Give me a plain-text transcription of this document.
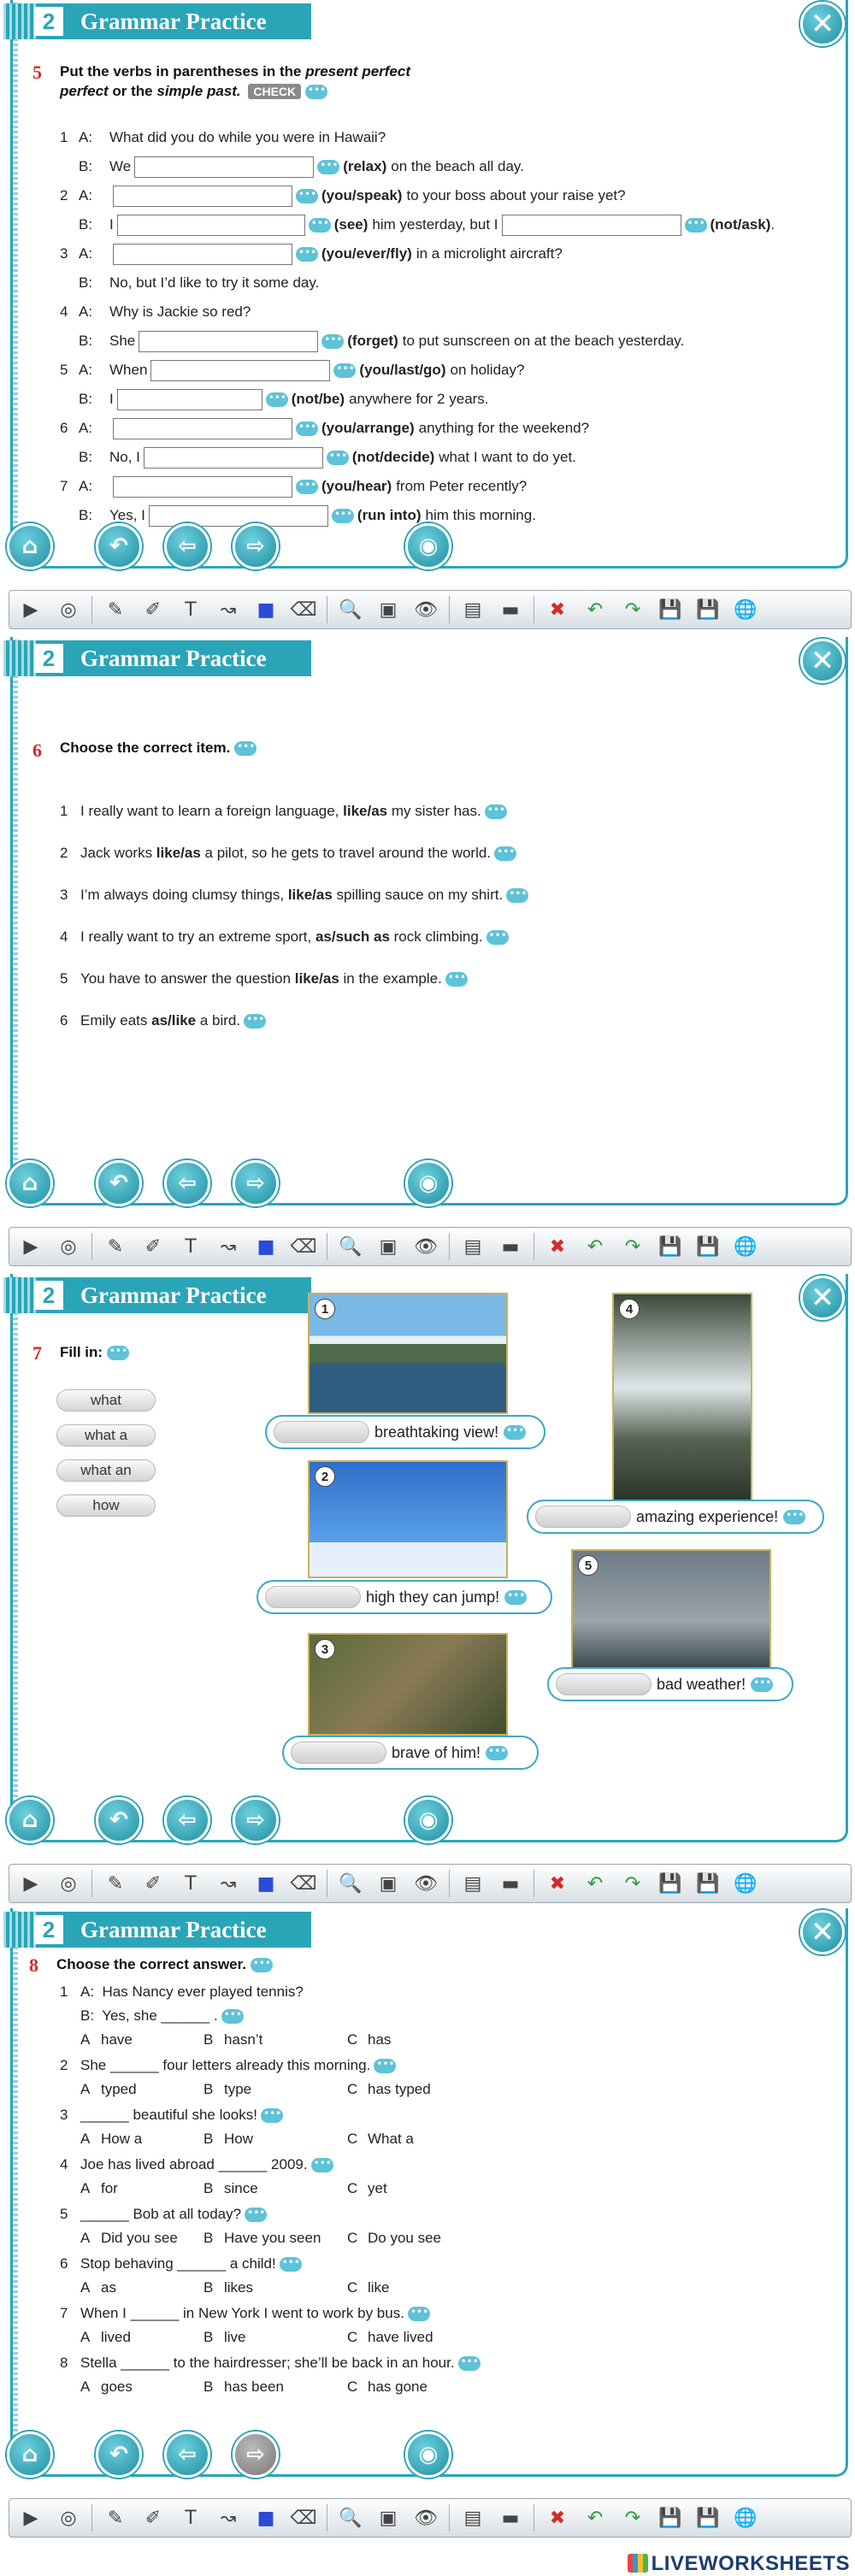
2	Grammar Practice	✕
5 Put the verbs in parentheses in the present perfect
perfect or the simple past. CHECK •••
1 A:	What did you do while you were in Hawaii?
B:	We •••	(relax) on the beach all day.
2 A: •••	(you/speak) to your boss about your raise yet?
B:	I •••	(see) him yesterday, but I •••	(not/ask) .
3 A: •••	(you/ever/fly) in a microlight aircraft?
B:	No, but I’d like to try it some day.
4 A:	Why is Jackie so red?
B:	She •••	(forget) to put sunscreen on at the beach yesterday.
5 A:	When •••	(you/last/go) on holiday?
B:	I •••	(not/be) anywhere for 2 years.
6 A: •••	(you/arrange) anything for the weekend?
B:	No, I •••	(not/decide) what I want to do yet.
7 A: •••	(you/hear) from Peter recently?
B:	Yes, I •••	(run into) him this morning.
⌂	↶	⇦	⇨	◉
▶	◎	✎	✐	T	↝	■ ⌫ 🔍 ▣ 👁 ▤	▬	✖	↶	↷ 💾 💾 🌐
2	Grammar Practice	✕
6 Choose the correct item. •••
1 I really want to learn a foreign language, like/as my sister has.
•••
2 Jack works like/as a pilot, so he gets to travel around the world.
•••
3 I’m always doing clumsy things, like/as spilling sauce on my shirt.
•••
4 I really want to try an extreme sport, as/such as rock climbing.
•••
5 You have to answer the question like/as in the example.
•••
6 Emily eats as/like a bird.
•••
⌂	↶	⇦	⇨	◉
▶	◎	✎	✐	T	↝	■ ⌫ 🔍 ▣ 👁 ▤	▬	✖	↶	↷ 💾 💾 🌐
2	Grammar Practice	✕
7 Fill in: •••
what
what a
what an
how
1
breathtaking view!
•••
2
high they can jump!
•••
3
brave of him!
•••
4
amazing experience!
•••
5
bad weather!
•••
⌂	↶	⇦	⇨	◉
▶	◎	✎	✐	T	↝	■ ⌫ 🔍 ▣ 👁 ▤	▬	✖	↶	↷ 💾 💾 🌐
2	Grammar Practice	✕
8 Choose the correct answer. •••
1 A:  Has Nancy ever played tennis?
B:  Yes, she ______ .
•••
A have	B hasn’t	C has
2 She ______ four letters already this morning.
•••
A typed	B type	C has typed
3 ______ beautiful she looks!
•••
A How a	B How	C What a
4 Joe has lived abroad ______ 2009.
•••
A for	B since	C yet
5 ______ Bob at all today?
•••
A Did you see B Have you seen C Do you see
6 Stop behaving ______ a child!
•••
A as	B likes	C like
7 When I ______ in New York I went to work by bus.
•••
A lived	B live	C have lived
8 Stella ______ to the hairdresser; she’ll be back in an hour.
•••
A goes	B has been	C has gone
⌂	↶	⇦	⇨	◉
▶	◎	✎	✐	T	↝	■ ⌫ 🔍 ▣ 👁 ▤	▬	✖	↶	↷ 💾 💾 🌐
LIVEWORKSHEETS
